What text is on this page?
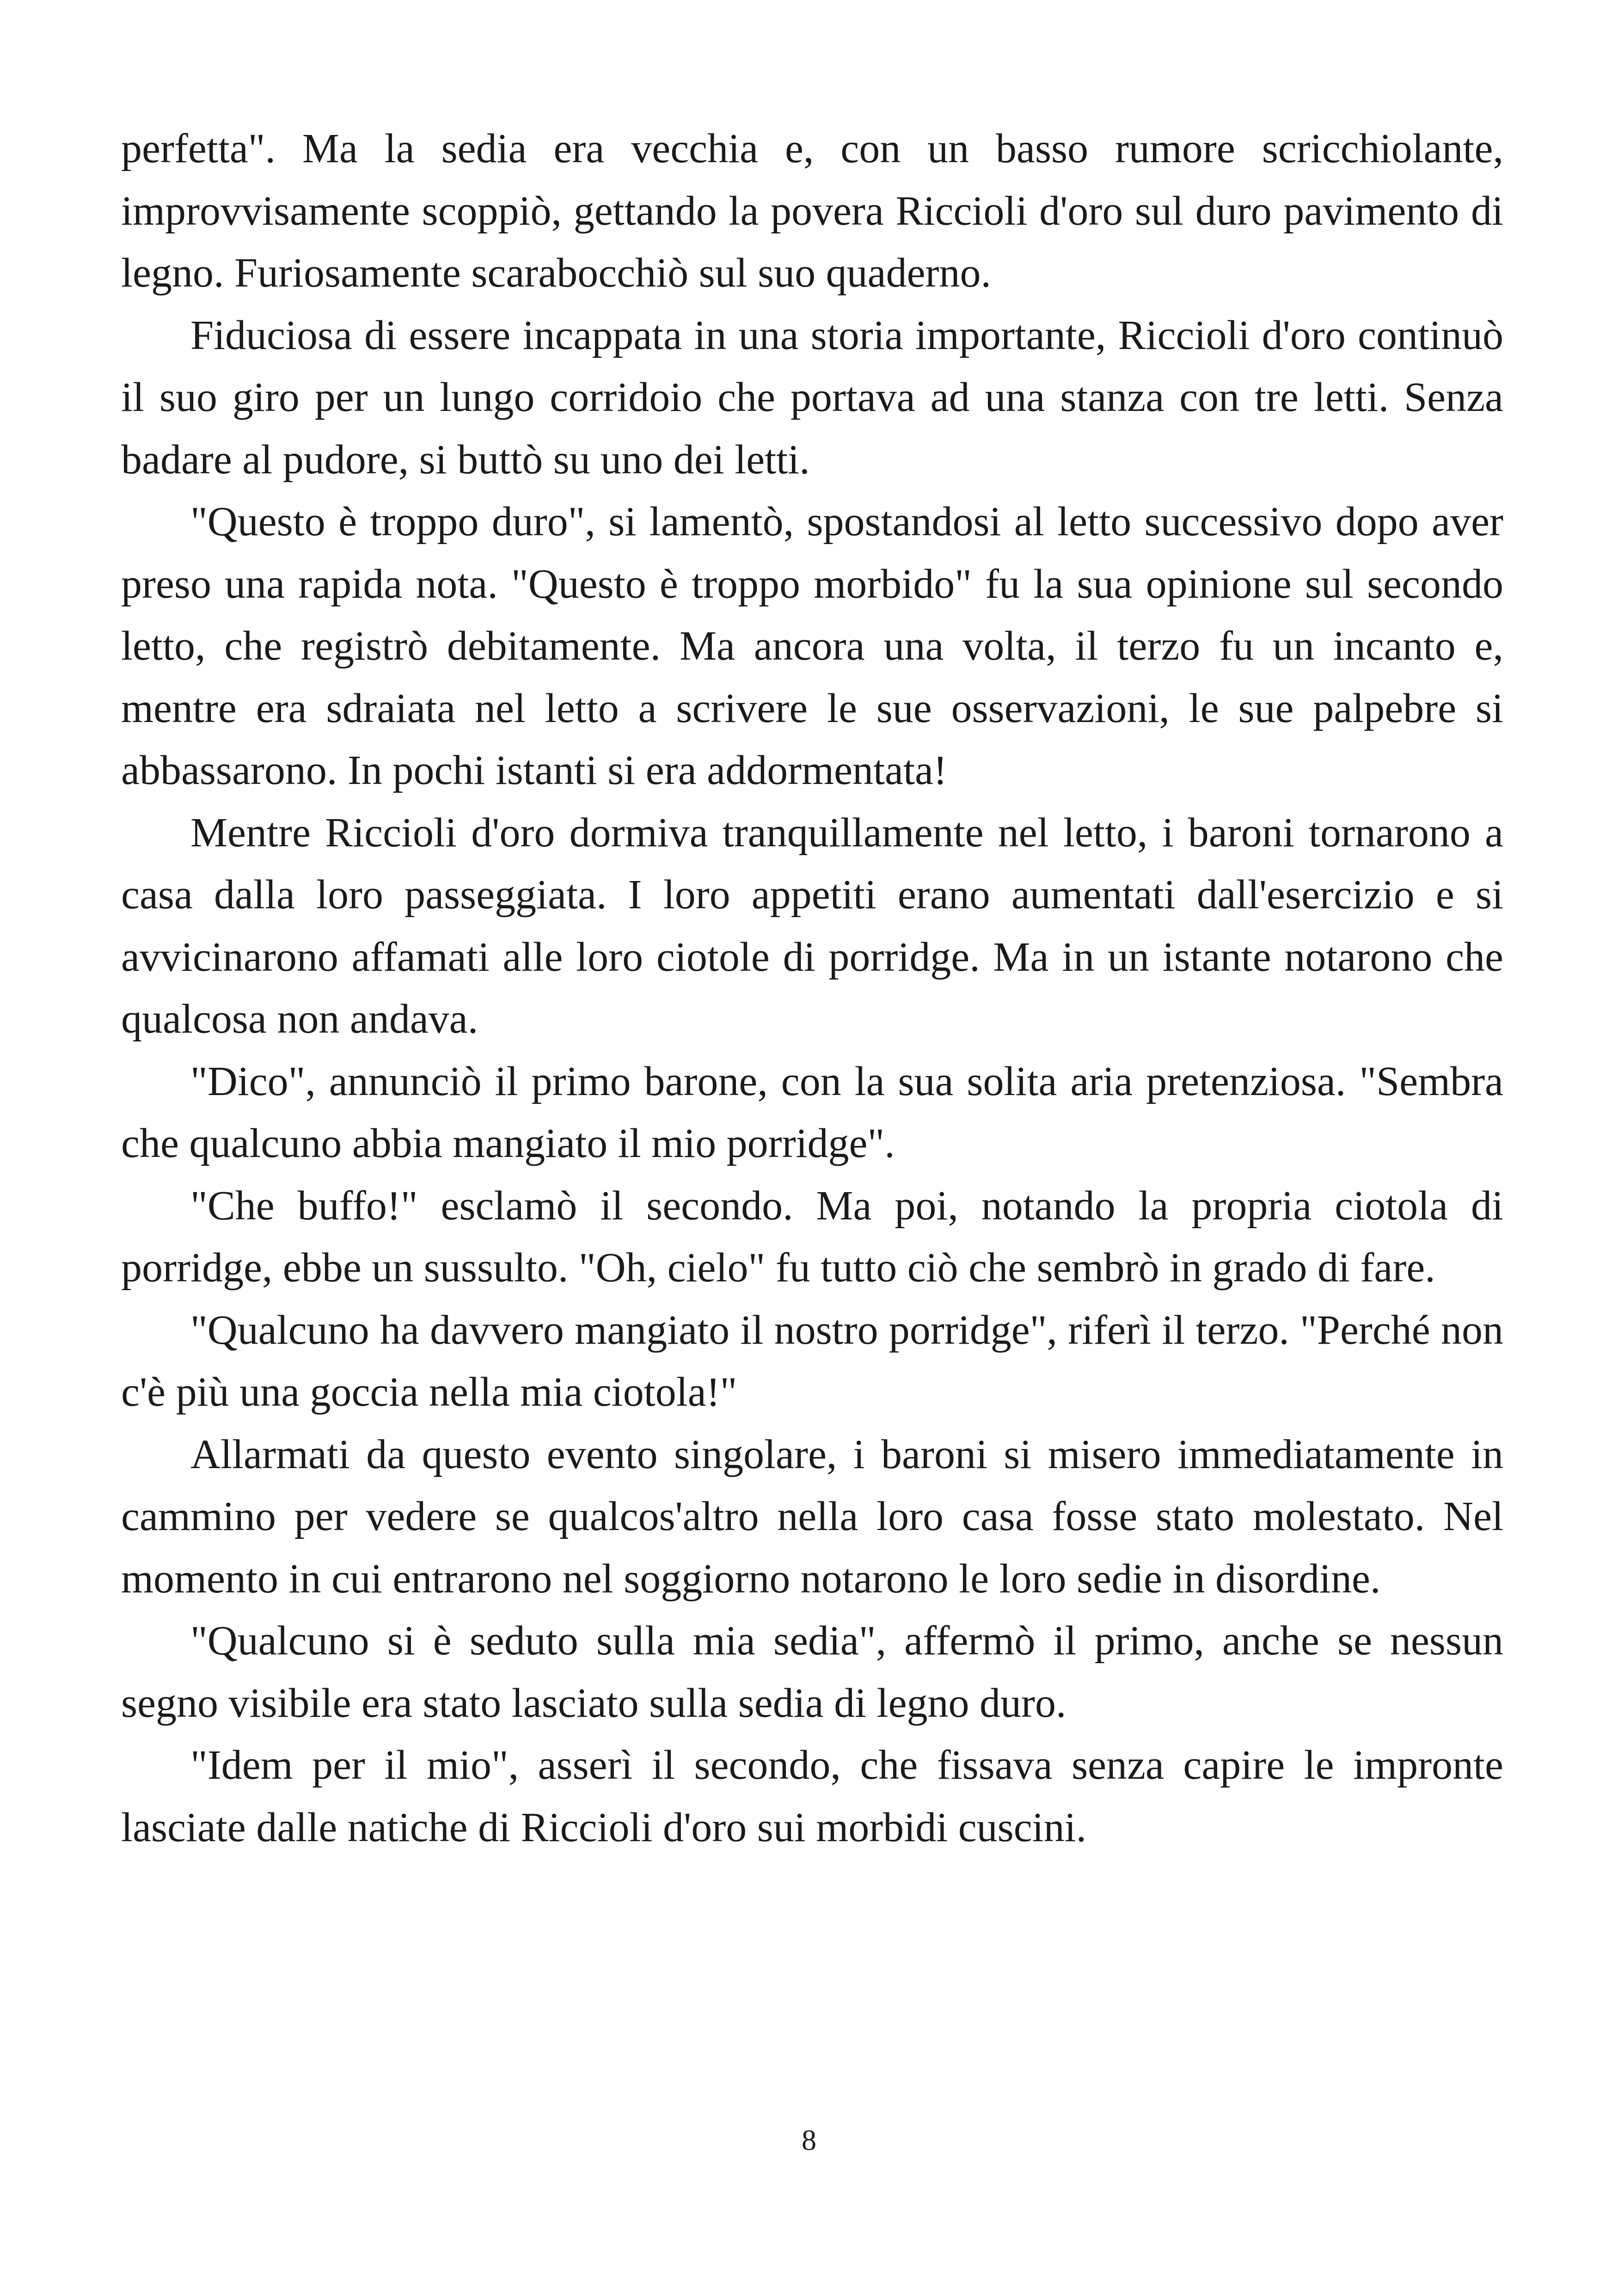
perfetta". Ma la sedia era vecchia e, con un basso rumore scricchiolante, improvvisamente scoppiò, gettando la povera Riccioli d'oro sul duro pavimento di legno. Furiosamente scarabocchiò sul suo quaderno.

Fiduciosa di essere incappata in una storia importante, Riccioli d'oro continuò il suo giro per un lungo corridoio che portava ad una stanza con tre letti. Senza badare al pudore, si buttò su uno dei letti.

"Questo è troppo duro", si lamentò, spostandosi al letto successivo dopo aver preso una rapida nota. "Questo è troppo morbido" fu la sua opinione sul secondo letto, che registrò debitamente. Ma ancora una volta, il terzo fu un incanto e, mentre era sdraiata nel letto a scrivere le sue osservazioni, le sue palpebre si abbassarono. In pochi istanti si era addormentata!

Mentre Riccioli d'oro dormiva tranquillamente nel letto, i baroni tornarono a casa dalla loro passeggiata. I loro appetiti erano aumentati dall'esercizio e si avvicinarono affamati alle loro ciotole di porridge. Ma in un istante notarono che qualcosa non andava.

"Dico", annunciò il primo barone, con la sua solita aria pretenziosa. "Sembra che qualcuno abbia mangiato il mio porridge".

"Che buffo!" esclamò il secondo. Ma poi, notando la propria ciotola di porridge, ebbe un sussulto. "Oh, cielo" fu tutto ciò che sembrò in grado di fare.

"Qualcuno ha davvero mangiato il nostro porridge", riferì il terzo. "Perché non c'è più una goccia nella mia ciotola!"

Allarmati da questo evento singolare, i baroni si misero immediatamente in cammino per vedere se qualcos'altro nella loro casa fosse stato molestato. Nel momento in cui entrarono nel soggiorno notarono le loro sedie in disordine.

"Qualcuno si è seduto sulla mia sedia", affermò il primo, anche se nessun segno visibile era stato lasciato sulla sedia di legno duro.

"Idem per il mio", asserì il secondo, che fissava senza capire le impronte lasciate dalle natiche di Riccioli d'oro sui morbidi cuscini.

8
